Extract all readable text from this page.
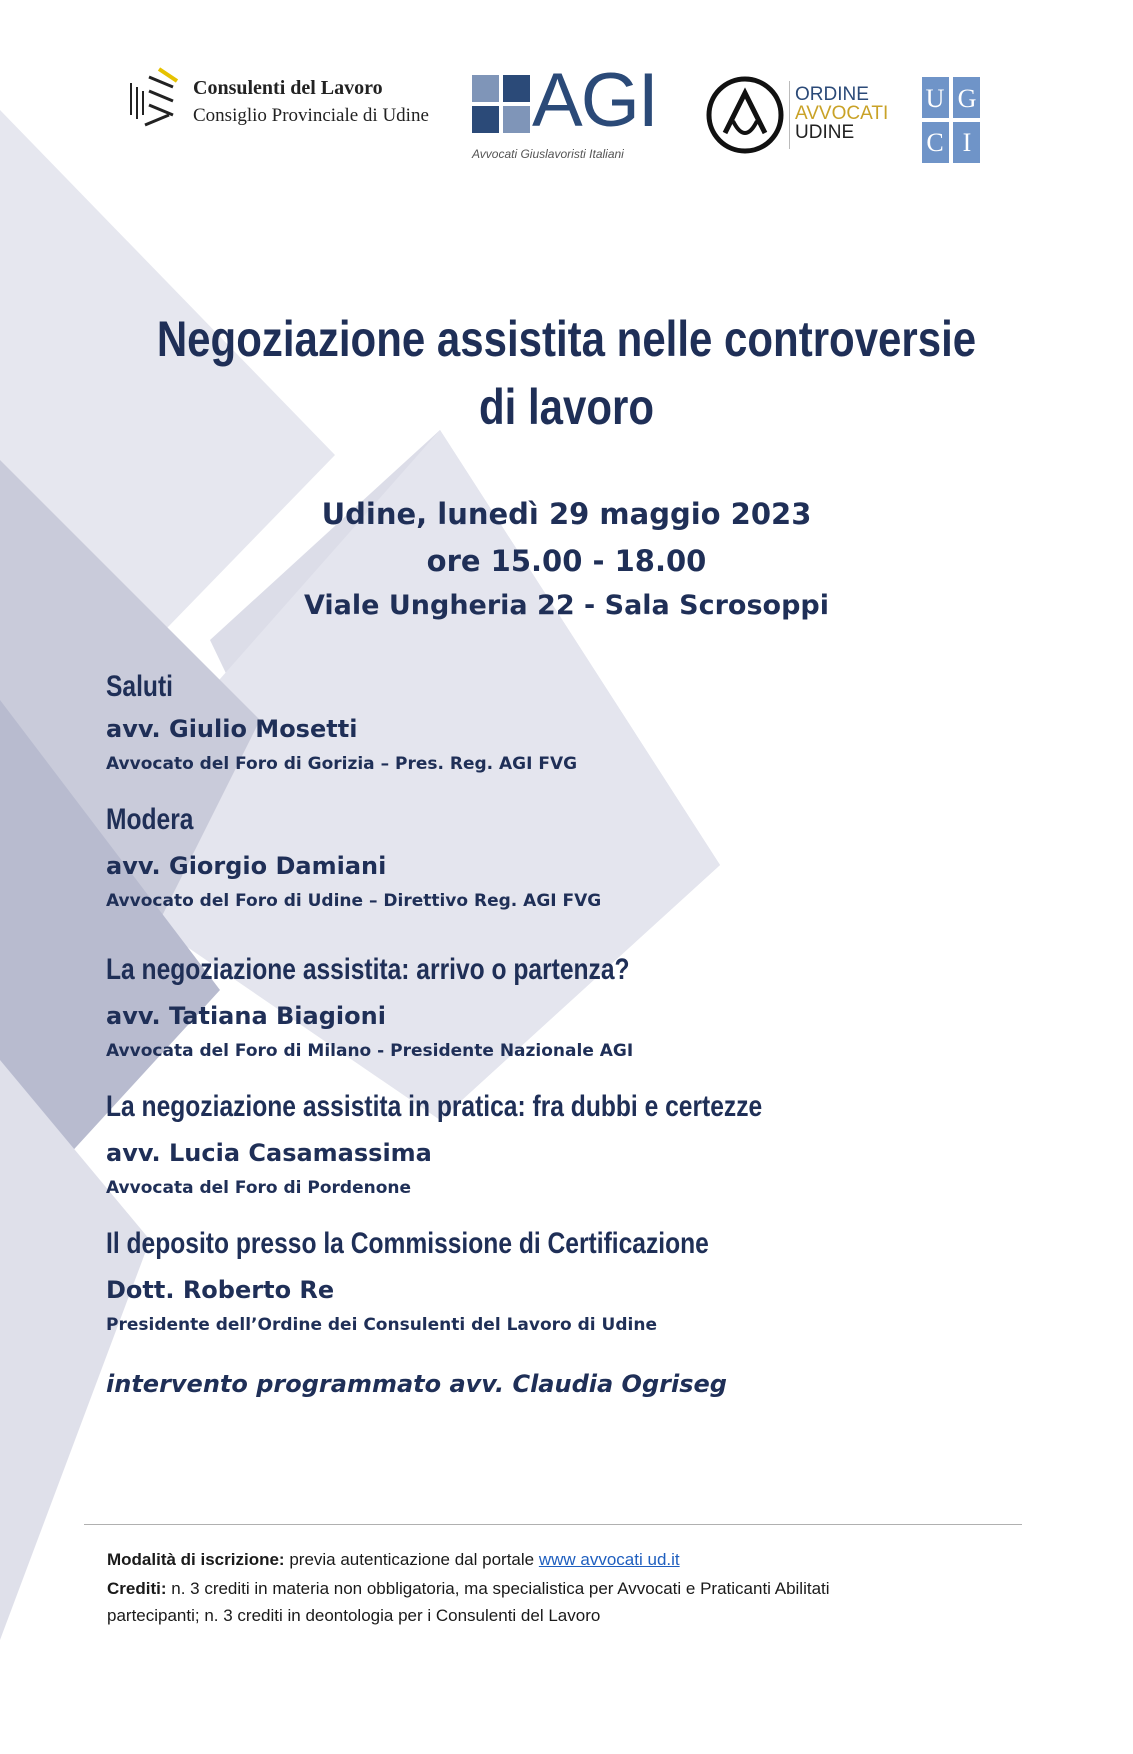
Consulenti del Lavoro
Consiglio Provinciale di Udine AGI
Avvocati Giuslavoristi Italiani
ORDINE
AVVOCATI
UDINE
U G
C I
Negoziazione assistita nelle controversie
di lavoro
Udine, lunedì 29 maggio 2023
ore 15.00 - 18.00
Viale Ungheria 22 - Sala Scrosoppi
Saluti
avv. Giulio Mosetti
Avvocato del Foro di Gorizia – Pres. Reg. AGI FVG
Modera
avv. Giorgio Damiani
Avvocato del Foro di Udine – Direttivo Reg. AGI FVG
La negoziazione assistita: arrivo o partenza?
avv. Tatiana Biagioni
Avvocata del Foro di Milano - Presidente Nazionale AGI
La negoziazione assistita in pratica: fra dubbi e certezze
avv. Lucia Casamassima
Avvocata del Foro di Pordenone
Il deposito presso la Commissione di Certificazione
Dott. Roberto Re
Presidente dell’Ordine dei Consulenti del Lavoro di Udine
intervento programmato avv. Claudia Ogriseg
Modalità di iscrizione: previa autenticazione dal portale www avvocati ud.it
Crediti: n. 3 crediti in materia non obbligatoria, ma specialistica per Avvocati e Praticanti Abilitati
partecipanti; n. 3 crediti in deontologia per i Consulenti del Lavoro
